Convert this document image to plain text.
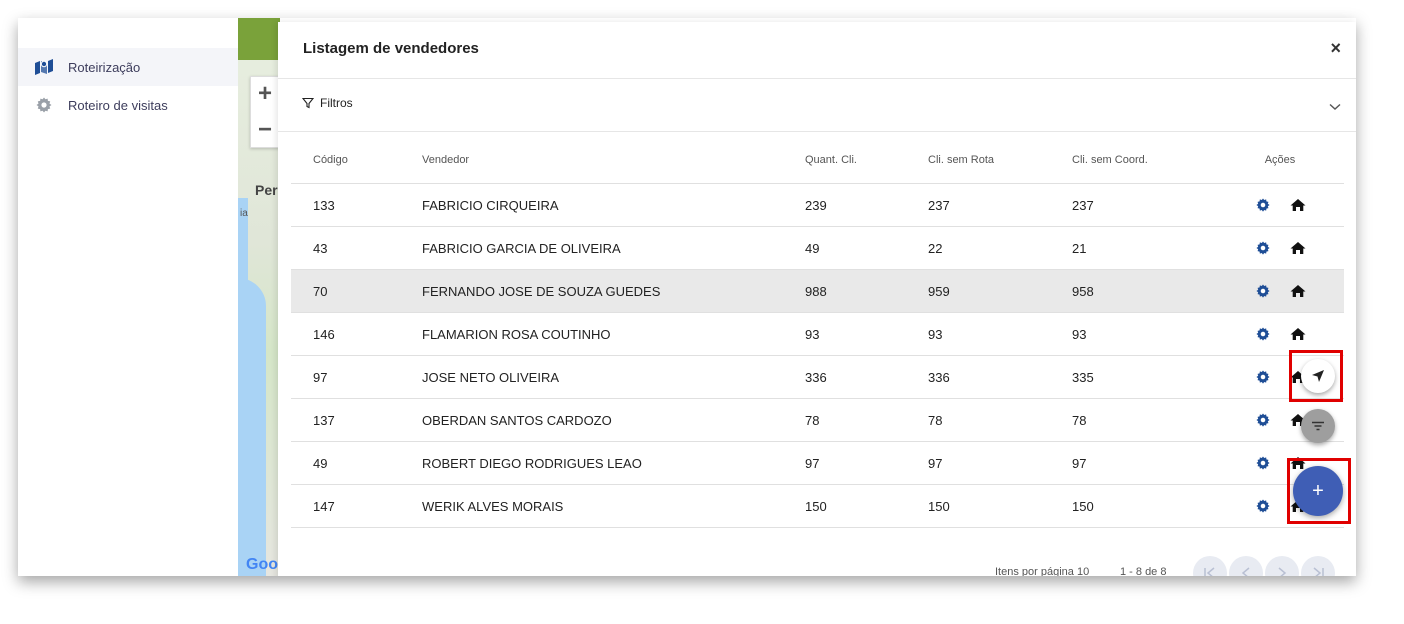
Roteirização
Roteiro de visitas	+
−
Per
ia
Goo
Listagem de vendedores	×
Filtros
Código	Vendedor	Quant. Cli.	Cli. sem Rota	Cli. sem Coord.	Ações
133	FABRICIO CIRQUEIRA	239	237	237
43	FABRICIO GARCIA DE OLIVEIRA	49	22	21
70	FERNANDO JOSE DE SOUZA GUEDES	988	959	958
146	FLAMARION ROSA COUTINHO	93	93	93
97	JOSE NETO OLIVEIRA	336	336	335
137	OBERDAN SANTOS CARDOZO	78	78	78
49	ROBERT DIEGO RODRIGUES LEAO	97	97	97
147	WERIK ALVES MORAIS	150	150	150
Itens por página 10	1 - 8 de 8
+
